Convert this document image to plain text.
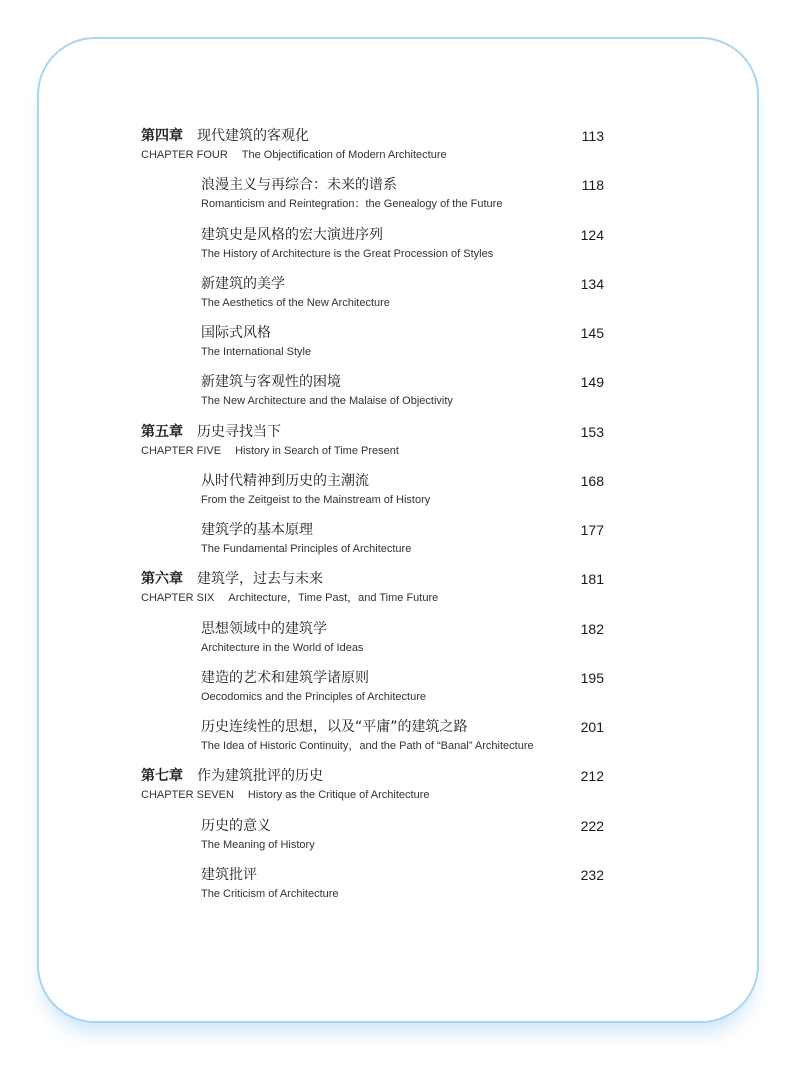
第四章 现代建筑的客观化
CHAPTER FOUR The Objectification of Modern Architecture
113
浪漫主义与再综合：未来的谱系
Romanticism and Reintegration：the Genealogy of the Future
118
建筑史是风格的宏大演进序列
The History of Architecture is the Great Procession of Styles
124
新建筑的美学
The Aesthetics of the New Architecture
134
国际式风格
The International Style
145
新建筑与客观性的困境
The New Architecture and the Malaise of Objectivity
149
第五章 历史寻找当下
CHAPTER FIVE History in Search of Time Present
153
从时代精神到历史的主潮流
From the Zeitgeist to the Mainstream of History
168
建筑学的基本原理
The Fundamental Principles of Architecture
177
第六章 建筑学，过去与未来
CHAPTER SIX Architecture，Time Past，and Time Future
181
思想领域中的建筑学
Architecture in the World of Ideas
182
建造的艺术和建筑学诸原则
Oecodomics and the Principles of Architecture
195
历史连续性的思想，以及“平庸”的建筑之路
The Idea of Historic Continuity，and the Path of “Banal” Architecture
201
第七章 作为建筑批评的历史
CHAPTER SEVEN History as the Critique of Architecture
212
历史的意义
The Meaning of History
222
建筑批评
The Criticism of Architecture
232
